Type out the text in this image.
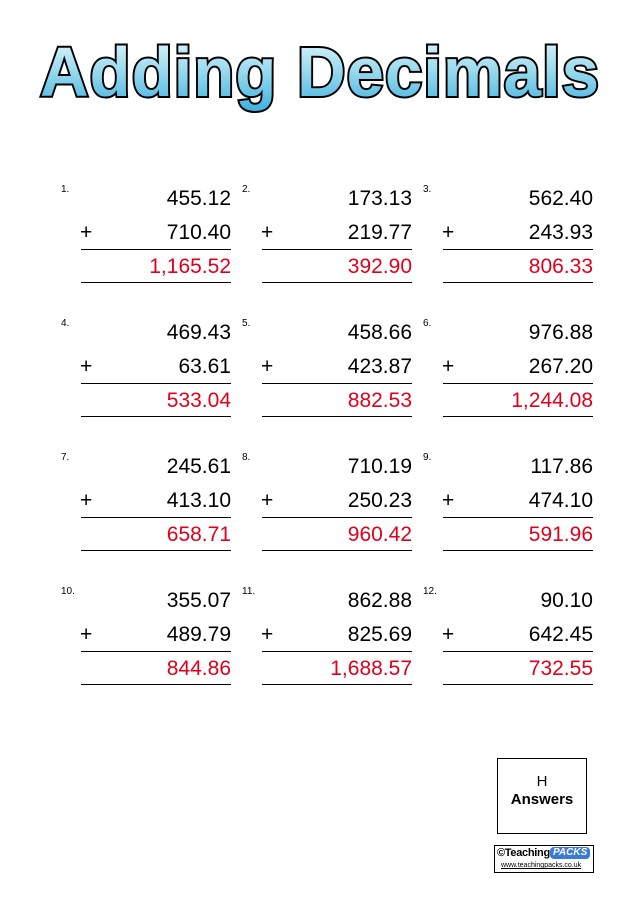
Adding Decimals
1.	455.12
+	710.40
1,165.52
2.	173.13
+	219.77
392.90
3.	562.40
+	243.93
806.33
4.	469.43
+	63.61
533.04
5.	458.66
+	423.87
882.53
6.	976.88
+	267.20
1,244.08
7.	245.61
+	413.10
658.71
8.	710.19
+	250.23
960.42
9.	117.86
+	474.10
591.96
10.	355.07
+	489.79
844.86
11.	862.88
+	825.69
1,688.57
12.	90.10
+	642.45
732.55
H
Answers
©Teaching PACKS
www.teachingpacks.co.uk
